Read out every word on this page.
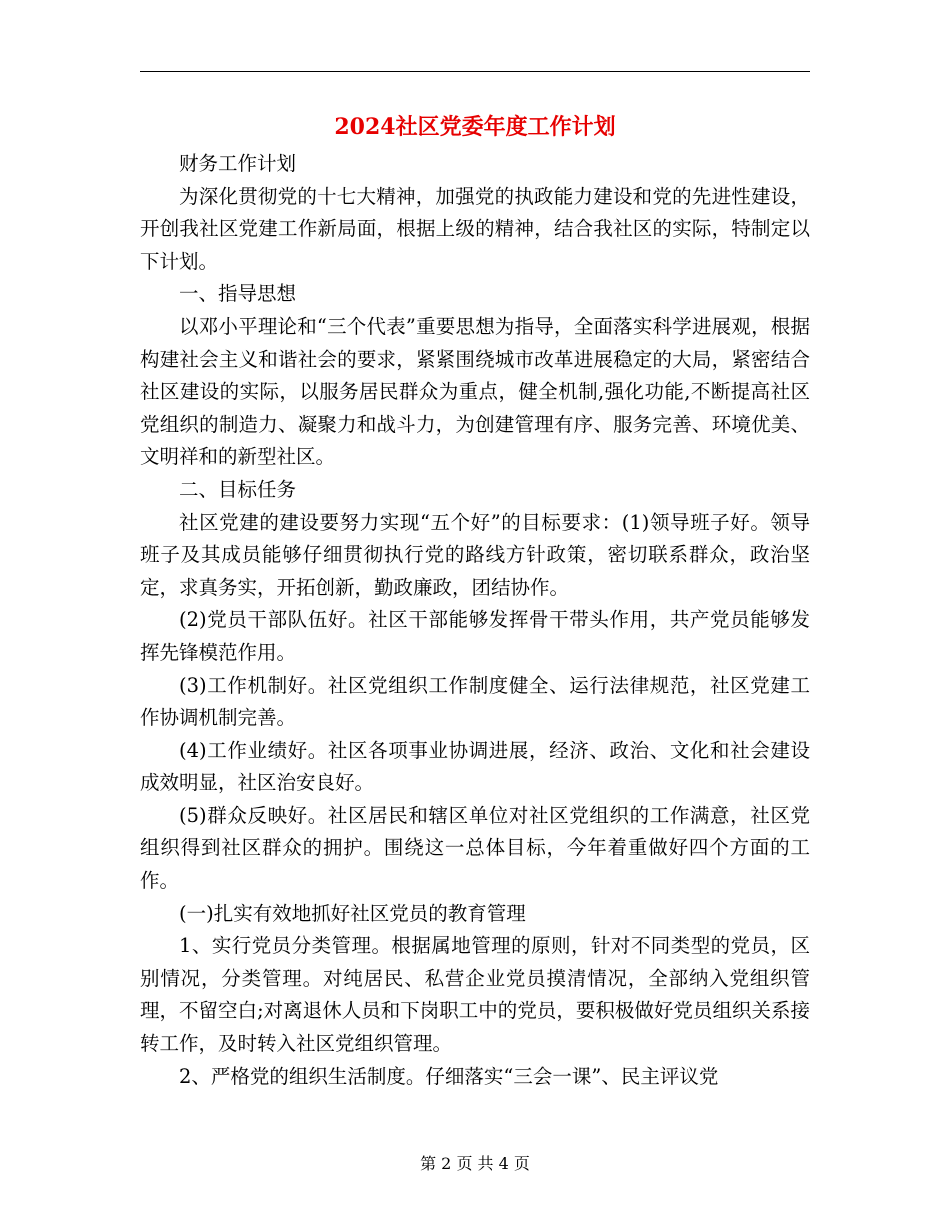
2024社区党委年度工作计划

财务工作计划

为深化贯彻党的十七大精神，加强党的执政能力建设和党的先进性建设，开创我社区党建工作新局面，根据上级的精神，结合我社区的实际，特制定以下计划。

一、指导思想

以邓小平理论和“三个代表”重要思想为指导，全面落实科学进展观，根据构建社会主义和谐社会的要求，紧紧围绕城市改革进展稳定的大局，紧密结合社区建设的实际，以服务居民群众为重点，健全机制,强化功能,不断提高社区党组织的制造力、凝聚力和战斗力，为创建管理有序、服务完善、环境优美、文明祥和的新型社区。

二、目标任务

社区党建的建设要努力实现“五个好”的目标要求：(1)领导班子好。领导班子及其成员能够仔细贯彻执行党的路线方针政策，密切联系群众，政治坚定，求真务实，开拓创新，勤政廉政，团结协作。

(2)党员干部队伍好。社区干部能够发挥骨干带头作用，共产党员能够发挥先锋模范作用。

(3)工作机制好。社区党组织工作制度健全、运行法律规范，社区党建工作协调机制完善。

(4)工作业绩好。社区各项事业协调进展，经济、政治、文化和社会建设成效明显，社区治安良好。

(5)群众反映好。社区居民和辖区单位对社区党组织的工作满意，社区党组织得到社区群众的拥护。围绕这一总体目标，今年着重做好四个方面的工作。

(一)扎实有效地抓好社区党员的教育管理

1、实行党员分类管理。根据属地管理的原则，针对不同类型的党员，区别情况，分类管理。对纯居民、私营企业党员摸清情况，全部纳入党组织管理，不留空白;对离退休人员和下岗职工中的党员，要积极做好党员组织关系接转工作，及时转入社区党组织管理。

2、严格党的组织生活制度。仔细落实“三会一课”、民主评议党

第 2 页 共 4 页
